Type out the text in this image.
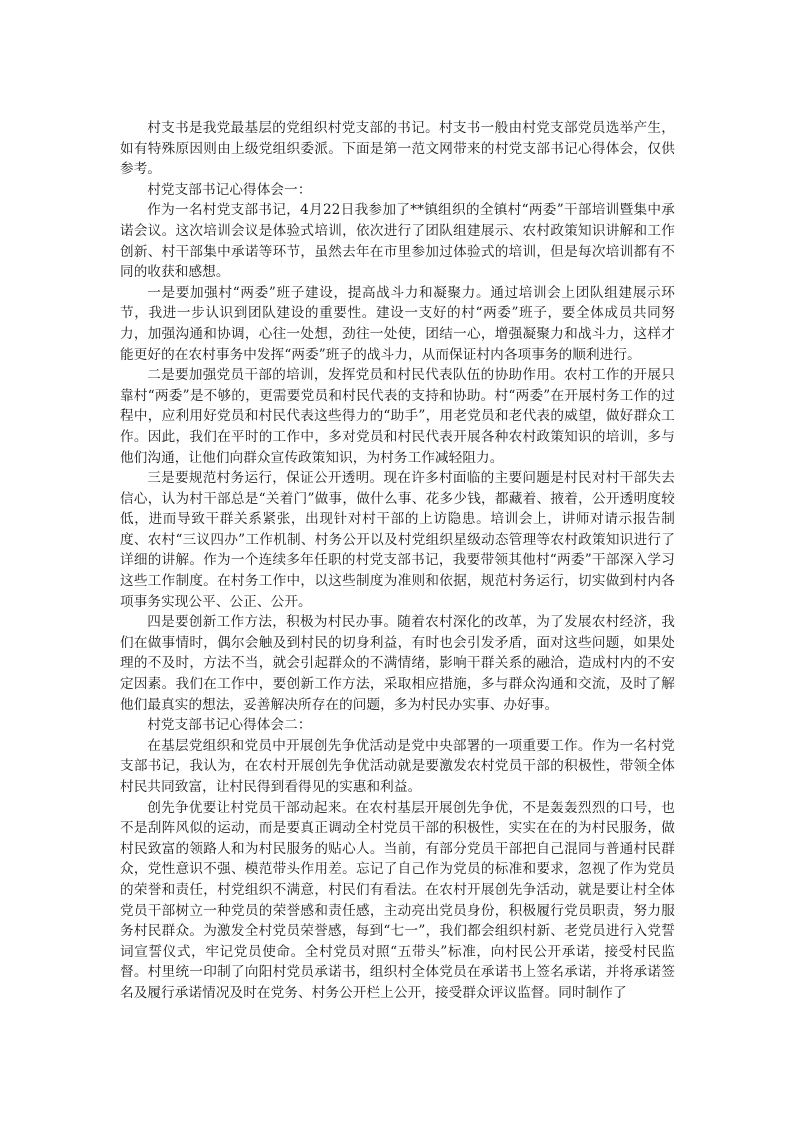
村支书是我党最基层的党组织村党支部的书记。村支书一般由村党支部党员选举产生，如有特殊原因则由上级党组织委派。下面是第一范文网带来的村党支部书记心得体会，仅供参考。

村党支部书记心得体会一：

作为一名村党支部书记，4月22日我参加了**镇组织的全镇村“两委”干部培训暨集中承诺会议。这次培训会议是体验式培训，依次进行了团队组建展示、农村政策知识讲解和工作创新、村干部集中承诺等环节，虽然去年在市里参加过体验式的培训，但是每次培训都有不同的收获和感想。

一是要加强村“两委”班子建设，提高战斗力和凝聚力。通过培训会上团队组建展示环节，我进一步认识到团队建设的重要性。建设一支好的村“两委”班子，要全体成员共同努力，加强沟通和协调，心往一处想，劲往一处使，团结一心，增强凝聚力和战斗力，这样才能更好的在农村事务中发挥“两委”班子的战斗力，从而保证村内各项事务的顺利进行。

二是要加强党员干部的培训，发挥党员和村民代表队伍的协助作用。农村工作的开展只靠村“两委”是不够的，更需要党员和村民代表的支持和协助。村“两委”在开展村务工作的过程中，应利用好党员和村民代表这些得力的“助手”，用老党员和老代表的威望，做好群众工作。因此，我们在平时的工作中，多对党员和村民代表开展各种农村政策知识的培训，多与他们沟通，让他们向群众宣传政策知识，为村务工作减轻阻力。

三是要规范村务运行，保证公开透明。现在许多村面临的主要问题是村民对村干部失去信心，认为村干部总是“关着门”做事，做什么事、花多少钱，都藏着、掖着，公开透明度较低，进而导致干群关系紧张，出现针对村干部的上访隐患。培训会上，讲师对请示报告制度、农村“三议四办”工作机制、村务公开以及村党组织星级动态管理等农村政策知识进行了详细的讲解。作为一个连续多年任职的村党支部书记，我要带领其他村“两委”干部深入学习这些工作制度。在村务工作中，以这些制度为准则和依据，规范村务运行，切实做到村内各项事务实现公平、公正、公开。

四是要创新工作方法，积极为村民办事。随着农村深化的改革，为了发展农村经济，我们在做事情时，偶尔会触及到村民的切身利益，有时也会引发矛盾，面对这些问题，如果处理的不及时，方法不当，就会引起群众的不满情绪，影响干群关系的融洽，造成村内的不安定因素。我们在工作中，要创新工作方法，采取相应措施，多与群众沟通和交流，及时了解他们最真实的想法，妥善解决所存在的问题，多为村民办实事、办好事。

村党支部书记心得体会二：

在基层党组织和党员中开展创先争优活动是党中央部署的一项重要工作。作为一名村党支部书记，我认为，在农村开展创先争优活动就是要激发农村党员干部的积极性，带领全体村民共同致富，让村民得到看得见的实惠和利益。

创先争优要让村党员干部动起来。在农村基层开展创先争优，不是轰轰烈烈的口号，也不是刮阵风似的运动，而是要真正调动全村党员干部的积极性，实实在在的为村民服务，做村民致富的领路人和为村民服务的贴心人。当前，有部分党员干部把自己混同与普通村民群众，党性意识不强、模范带头作用差。忘记了自己作为党员的标准和要求，忽视了作为党员的荣誉和责任，村党组织不满意，村民们有看法。在农村开展创先争活动，就是要让村全体党员干部树立一种党员的荣誉感和责任感，主动亮出党员身份，积极履行党员职责，努力服务村民群众。为激发全村党员荣誉感，每到“七一”，我们都会组织村新、老党员进行入党誓词宣誓仪式，牢记党员使命。全村党员对照“五带头”标准，向村民公开承诺，接受村民监督。村里统一印制了向阳村党员承诺书，组织村全体党员在承诺书上签名承诺，并将承诺签名及履行承诺情况及时在党务、村务公开栏上公开，接受群众评议监督。同时制作了
